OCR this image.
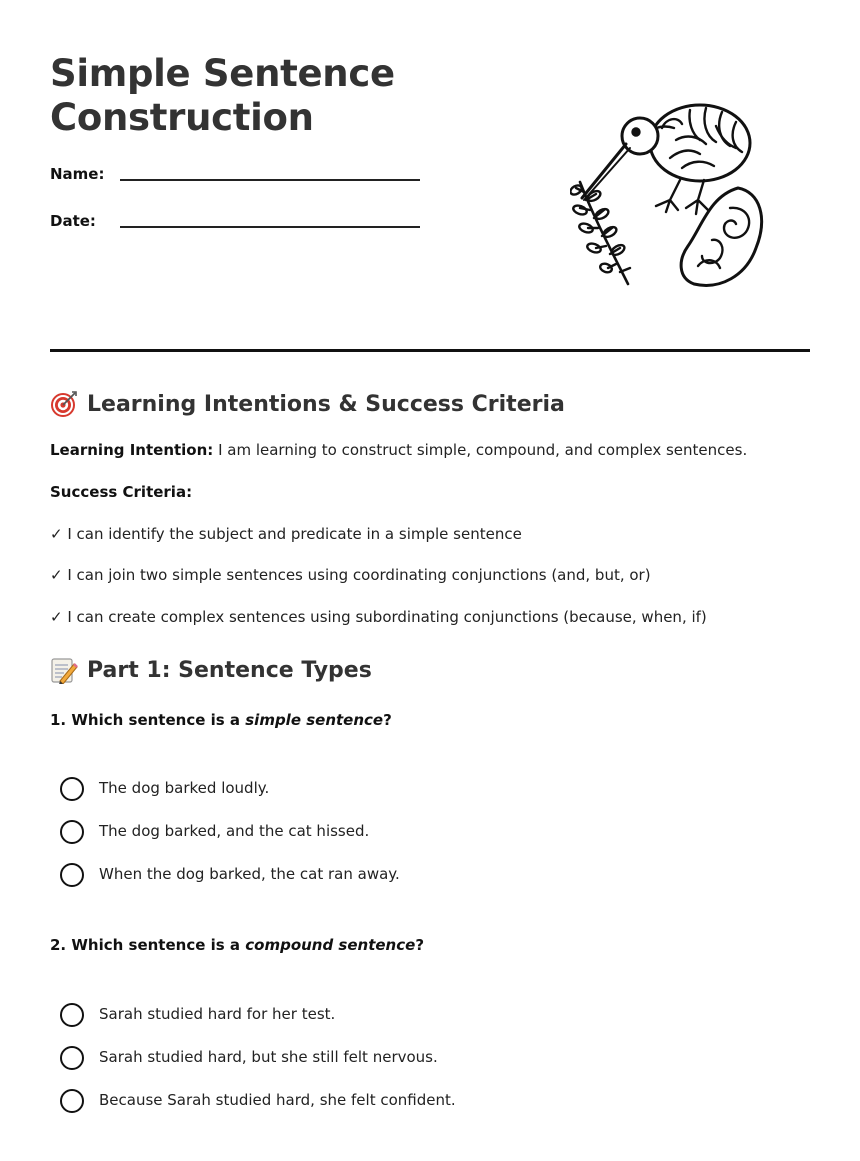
Simple Sentence
Construction
Name:
Date:
Learning Intentions & Success Criteria
Learning Intention: I am learning to construct simple, compound, and complex sentences.
Success Criteria:
✓ I can identify the subject and predicate in a simple sentence
✓ I can join two simple sentences using coordinating conjunctions (and, but, or)
✓ I can create complex sentences using subordinating conjunctions (because, when, if)
Part 1: Sentence Types
1. Which sentence is a simple sentence?
The dog barked loudly.
The dog barked, and the cat hissed.
When the dog barked, the cat ran away.
2. Which sentence is a compound sentence?
Sarah studied hard for her test.
Sarah studied hard, but she still felt nervous.
Because Sarah studied hard, she felt confident.
